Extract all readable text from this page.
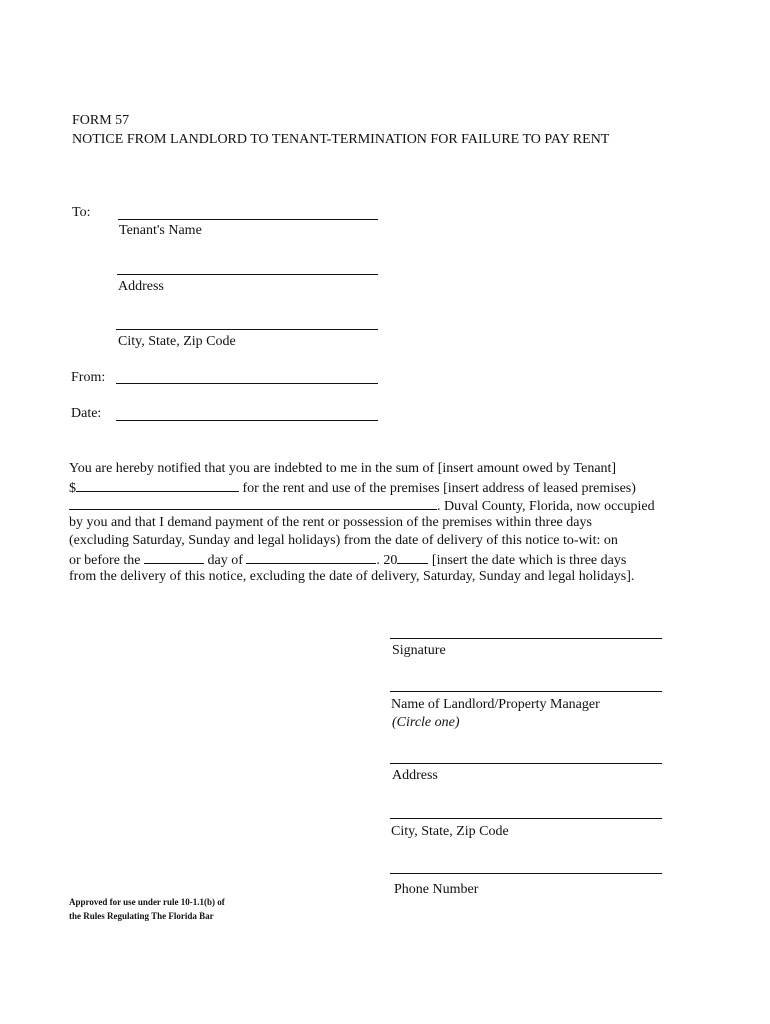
FORM 57
NOTICE FROM LANDLORD TO TENANT-TERMINATION FOR FAILURE TO PAY RENT
To:
Tenant's Name
Address
City, State, Zip Code
From:
Date:
You are hereby notified that you are indebted to me in the sum of [insert amount owed by Tenant]
$	for the rent and use of the premises [insert address of leased premises)
. Duval County, Florida, now occupied
by you and that I demand payment of the rent or possession of the premises within three days
(excluding Saturday, Sunday and legal holidays) from the date of delivery of this notice to-wit: on
or before the	day of	. 20 [insert the date which is three days
from the delivery of this notice, excluding the date of delivery, Saturday, Sunday and legal holidays].
Signature
Name of Landlord/Property Manager
(Circle one)
Address
City, State, Zip Code
Phone Number
Approved for use under rule 10-1.1(b) of
the Rules Regulating The Florida Bar
